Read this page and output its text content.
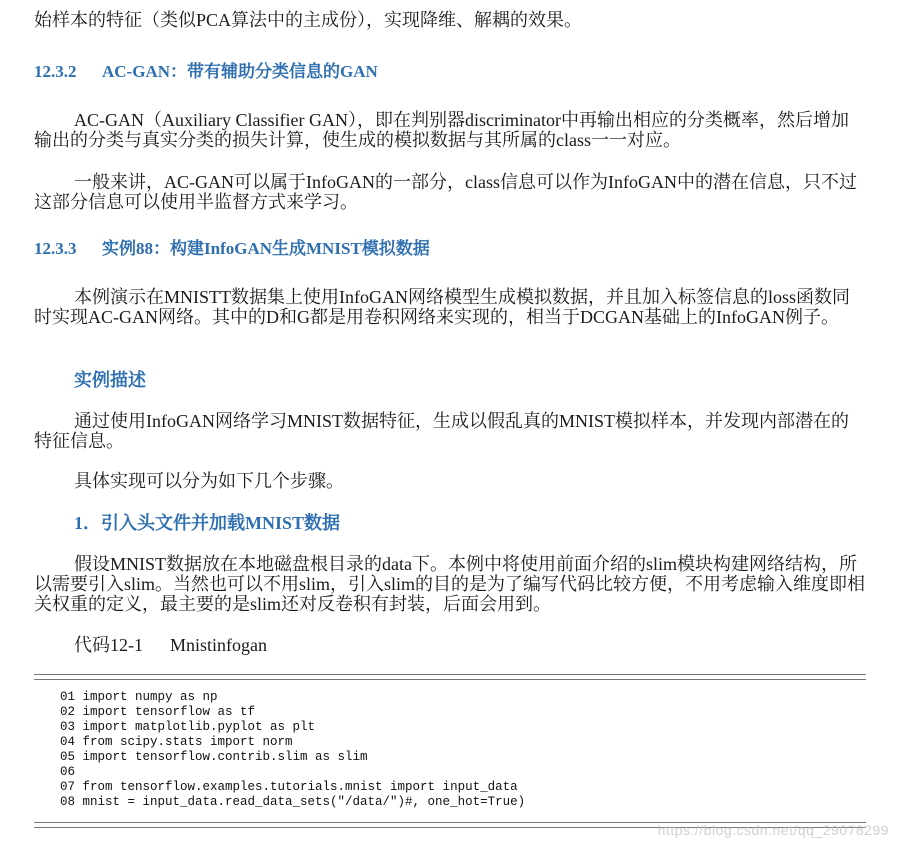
始样本的特征（类似PCA算法中的主成份），实现降维、解耦的效果。

12.3.2 AC-GAN：带有辅助分类信息的GAN

AC-GAN（Auxiliary Classifier GAN），即在判别器discriminator中再输出相应的分类概率，然后增加输出的分类与真实分类的损失计算，使生成的模拟数据与其所属的class一一对应。

一般来讲，AC-GAN可以属于InfoGAN的一部分，class信息可以作为InfoGAN中的潜在信息，只不过这部分信息可以使用半监督方式来学习。

12.3.3 实例88：构建InfoGAN生成MNIST模拟数据

本例演示在MNISTT数据集上使用InfoGAN网络模型生成模拟数据，并且加入标签信息的loss函数同时实现AC-GAN网络。其中的D和G都是用卷积网络来实现的，相当于DCGAN基础上的InfoGAN例子。

实例描述

通过使用InfoGAN网络学习MNIST数据特征，生成以假乱真的MNIST模拟样本，并发现内部潜在的特征信息。

具体实现可以分为如下几个步骤。

1．引入头文件并加载MNIST数据

假设MNIST数据放在本地磁盘根目录的data下。本例中将使用前面介绍的slim模块构建网络结构，所以需要引入slim。当然也可以不用slim，引入slim的目的是为了编写代码比较方便，不用考虑输入维度即相关权重的定义，最主要的是slim还对反卷积有封装，后面会用到。

代码12-1 Mnistinfogan
01 import numpy as np
02 import tensorflow as tf
03 import matplotlib.pyplot as plt
04 from scipy.stats import norm
05 import tensorflow.contrib.slim as slim
06
07 from tensorflow.examples.tutorials.mnist import input_data
08 mnist = input_data.read_data_sets("/data/")#, one_hot=True)
https://blog.csdn.net/qq_29078299
